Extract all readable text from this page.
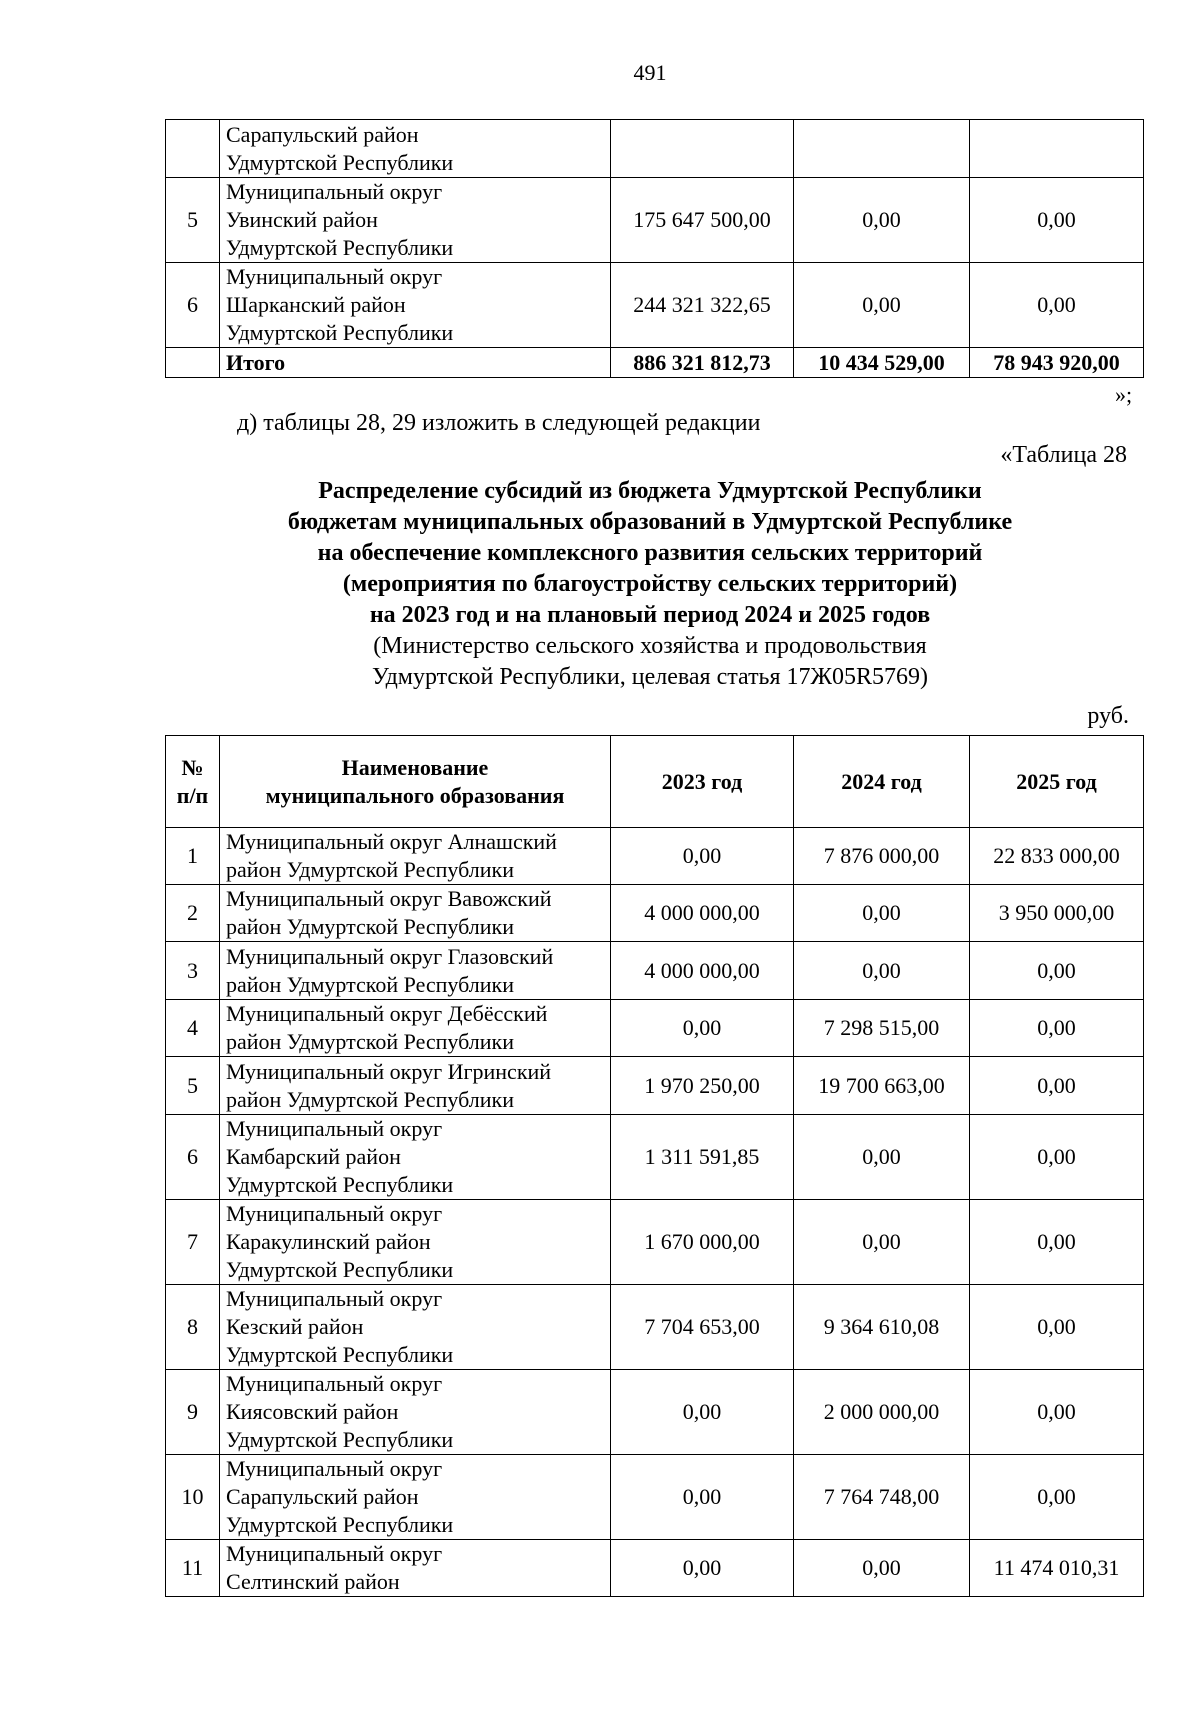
491
	Сарапульский район
Удмуртской Республики			
5	Муниципальный округ
Увинский район
Удмуртской Республики	175 647 500,00	0,00	0,00
6	Муниципальный округ
Шарканский район
Удмуртской Республики	244 321 322,65	0,00	0,00
	Итого	886 321 812,73	10 434 529,00	78 943 920,00
»;
д) таблицы 28, 29 изложить в следующей редакции
«Таблица 28
Распределение субсидий из бюджета Удмуртской Республики
бюджетам муниципальных образований в Удмуртской Республике
на обеспечение комплексного развития сельских территорий
(мероприятия по благоустройству сельских территорий)
на 2023 год и на плановый период 2024 и 2025 годов
(Министерство сельского хозяйства и продовольствия
Удмуртской Республики, целевая статья 17Ж05R5769)
руб.
№
п/п	Наименование
муниципального образования	2023 год	2024 год	2025 год
1	Муниципальный округ Алнашский
район Удмуртской Республики	0,00	7 876 000,00	22 833 000,00
2	Муниципальный округ Вавожский
район Удмуртской Республики	4 000 000,00	0,00	3 950 000,00
3	Муниципальный округ Глазовский
район Удмуртской Республики	4 000 000,00	0,00	0,00
4	Муниципальный округ Дебёсский
район Удмуртской Республики	0,00	7 298 515,00	0,00
5	Муниципальный округ Игринский
район Удмуртской Республики	1 970 250,00	19 700 663,00	0,00
6	Муниципальный округ
Камбарский район
Удмуртской Республики	1 311 591,85	0,00	0,00
7	Муниципальный округ
Каракулинский район
Удмуртской Республики	1 670 000,00	0,00	0,00
8	Муниципальный округ
Кезский район
Удмуртской Республики	7 704 653,00	9 364 610,08	0,00
9	Муниципальный округ
Киясовский район
Удмуртской Республики	0,00	2 000 000,00	0,00
10	Муниципальный округ
Сарапульский район
Удмуртской Республики	0,00	7 764 748,00	0,00
11	Муниципальный округ
Селтинский район	0,00	0,00	11 474 010,31
